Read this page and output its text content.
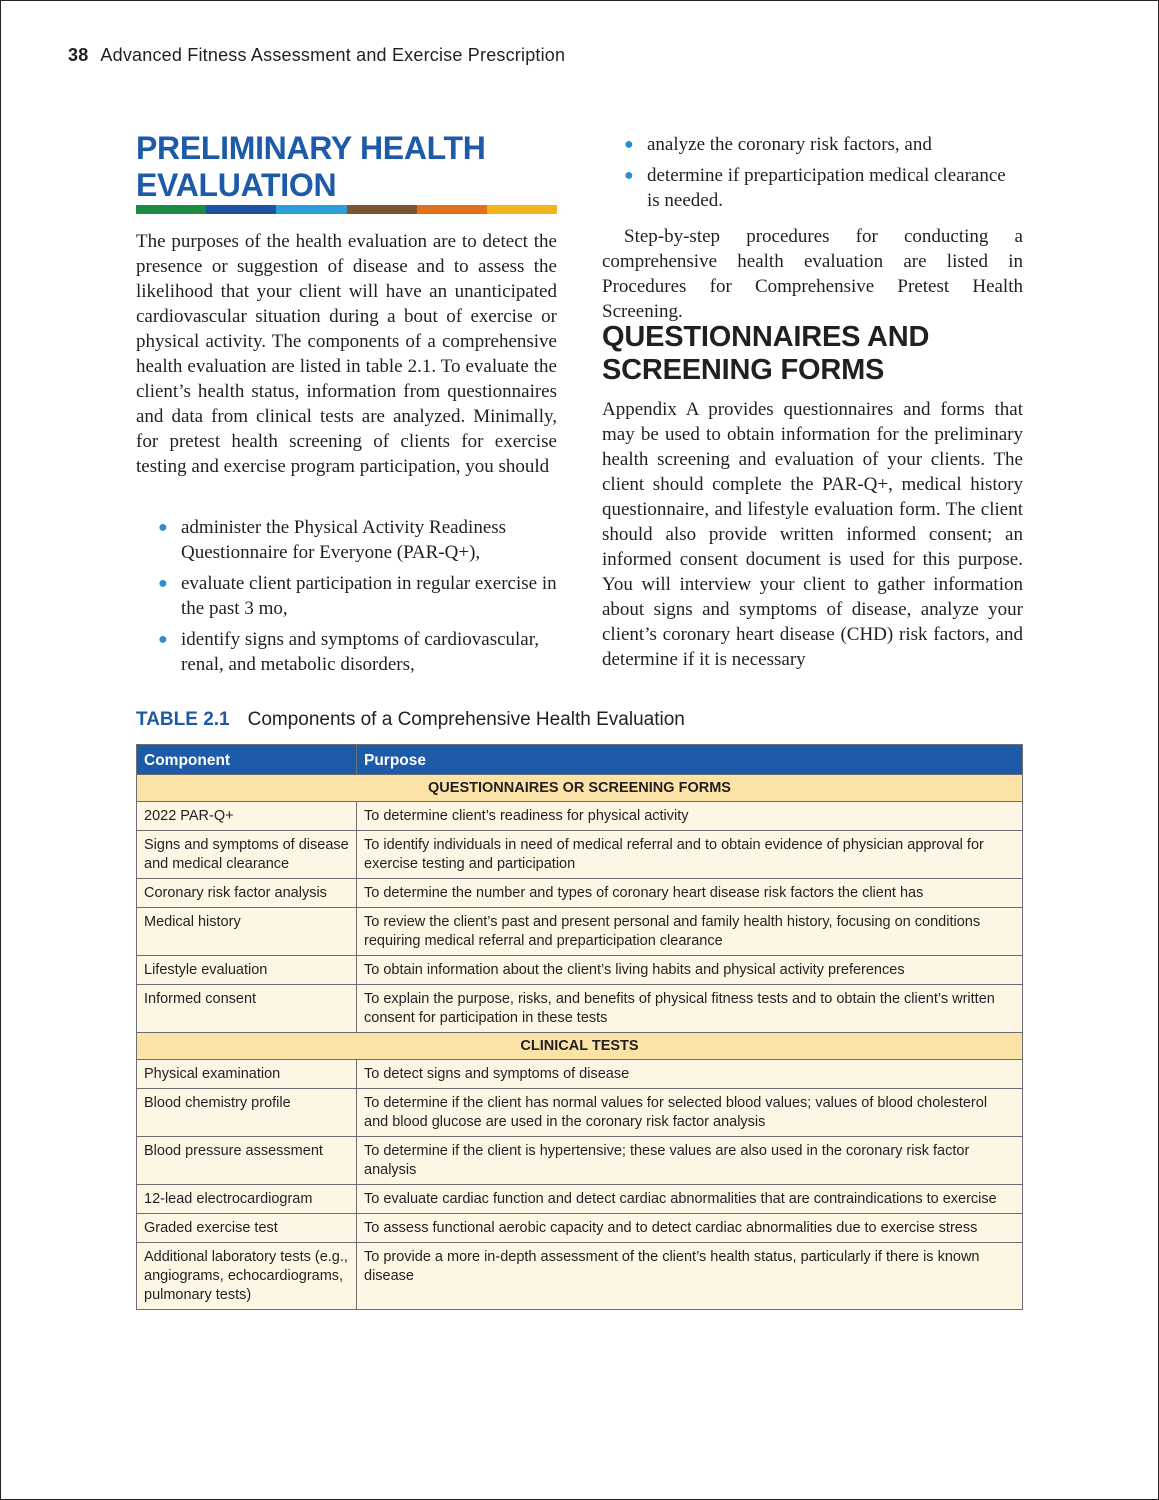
38 Advanced Fitness Assessment and Exercise Prescription
PRELIMINARY HEALTH EVALUATION

The purposes of the health evaluation are to detect the presence or suggestion of disease and to assess the likelihood that your client will have an unanticipated cardiovascular situation during a bout of exercise or physical activity. The components of a comprehensive health evaluation are listed in table 2.1. To evaluate the client’s health status, information from questionnaires and data from clinical tests are analyzed. Minimally, for pretest health screening of clients for exercise testing and exercise program participation, you should

● administer the Physical Activity Readiness Questionnaire for Everyone (PAR-Q+),
● evaluate client participation in regular exercise in the past 3 mo,
● identify signs and symptoms of cardiovascular, renal, and metabolic disorders,
● analyze the coronary risk factors, and
● determine if preparticipation medical clearance is needed.

Step-by-step procedures for conducting a comprehensive health evaluation are listed in Procedures for Comprehensive Pretest Health Screening.

QUESTIONNAIRES AND SCREENING FORMS

Appendix A provides questionnaires and forms that may be used to obtain information for the preliminary health screening and evaluation of your clients. The client should complete the PAR-Q+, medical history questionnaire, and lifestyle evaluation form. The client should also provide written informed consent; an informed consent document is used for this purpose. You will interview your client to gather information about signs and symptoms of disease, analyze your client’s coronary heart disease (CHD) risk factors, and determine if it is necessary

TABLE 2.1 Components of a Comprehensive Health Evaluation
Component	Purpose
QUESTIONNAIRES OR SCREENING FORMS	
2022 PAR-Q+	To determine client’s readiness for physical activity
Signs and symptoms of disease and medical clearance	To identify individuals in need of medical referral and to obtain evidence of physician approval for exercise testing and participation
Coronary risk factor analysis	To determine the number and types of coronary heart disease risk factors the client has
Medical history	To review the client’s past and present personal and family health history, focusing on conditions requiring medical referral and preparticipation clearance
Lifestyle evaluation	To obtain information about the client’s living habits and physical activity preferences
Informed consent	To explain the purpose, risks, and benefits of physical fitness tests and to obtain the client’s written consent for participation in these tests
CLINICAL TESTS	
Physical examination	To detect signs and symptoms of disease
Blood chemistry profile	To determine if the client has normal values for selected blood values; values of blood cholesterol and blood glucose are used in the coronary risk factor analysis
Blood pressure assessment	To determine if the client is hypertensive; these values are also used in the coronary risk factor analysis
12-lead electrocardiogram	To evaluate cardiac function and detect cardiac abnormalities that are contraindications to exercise
Graded exercise test	To assess functional aerobic capacity and to detect cardiac abnormalities due to exercise stress
Additional laboratory tests (e.g., angiograms, echocardiograms, pulmonary tests)	To provide a more in-depth assessment of the client’s health status, particularly if there is known disease
